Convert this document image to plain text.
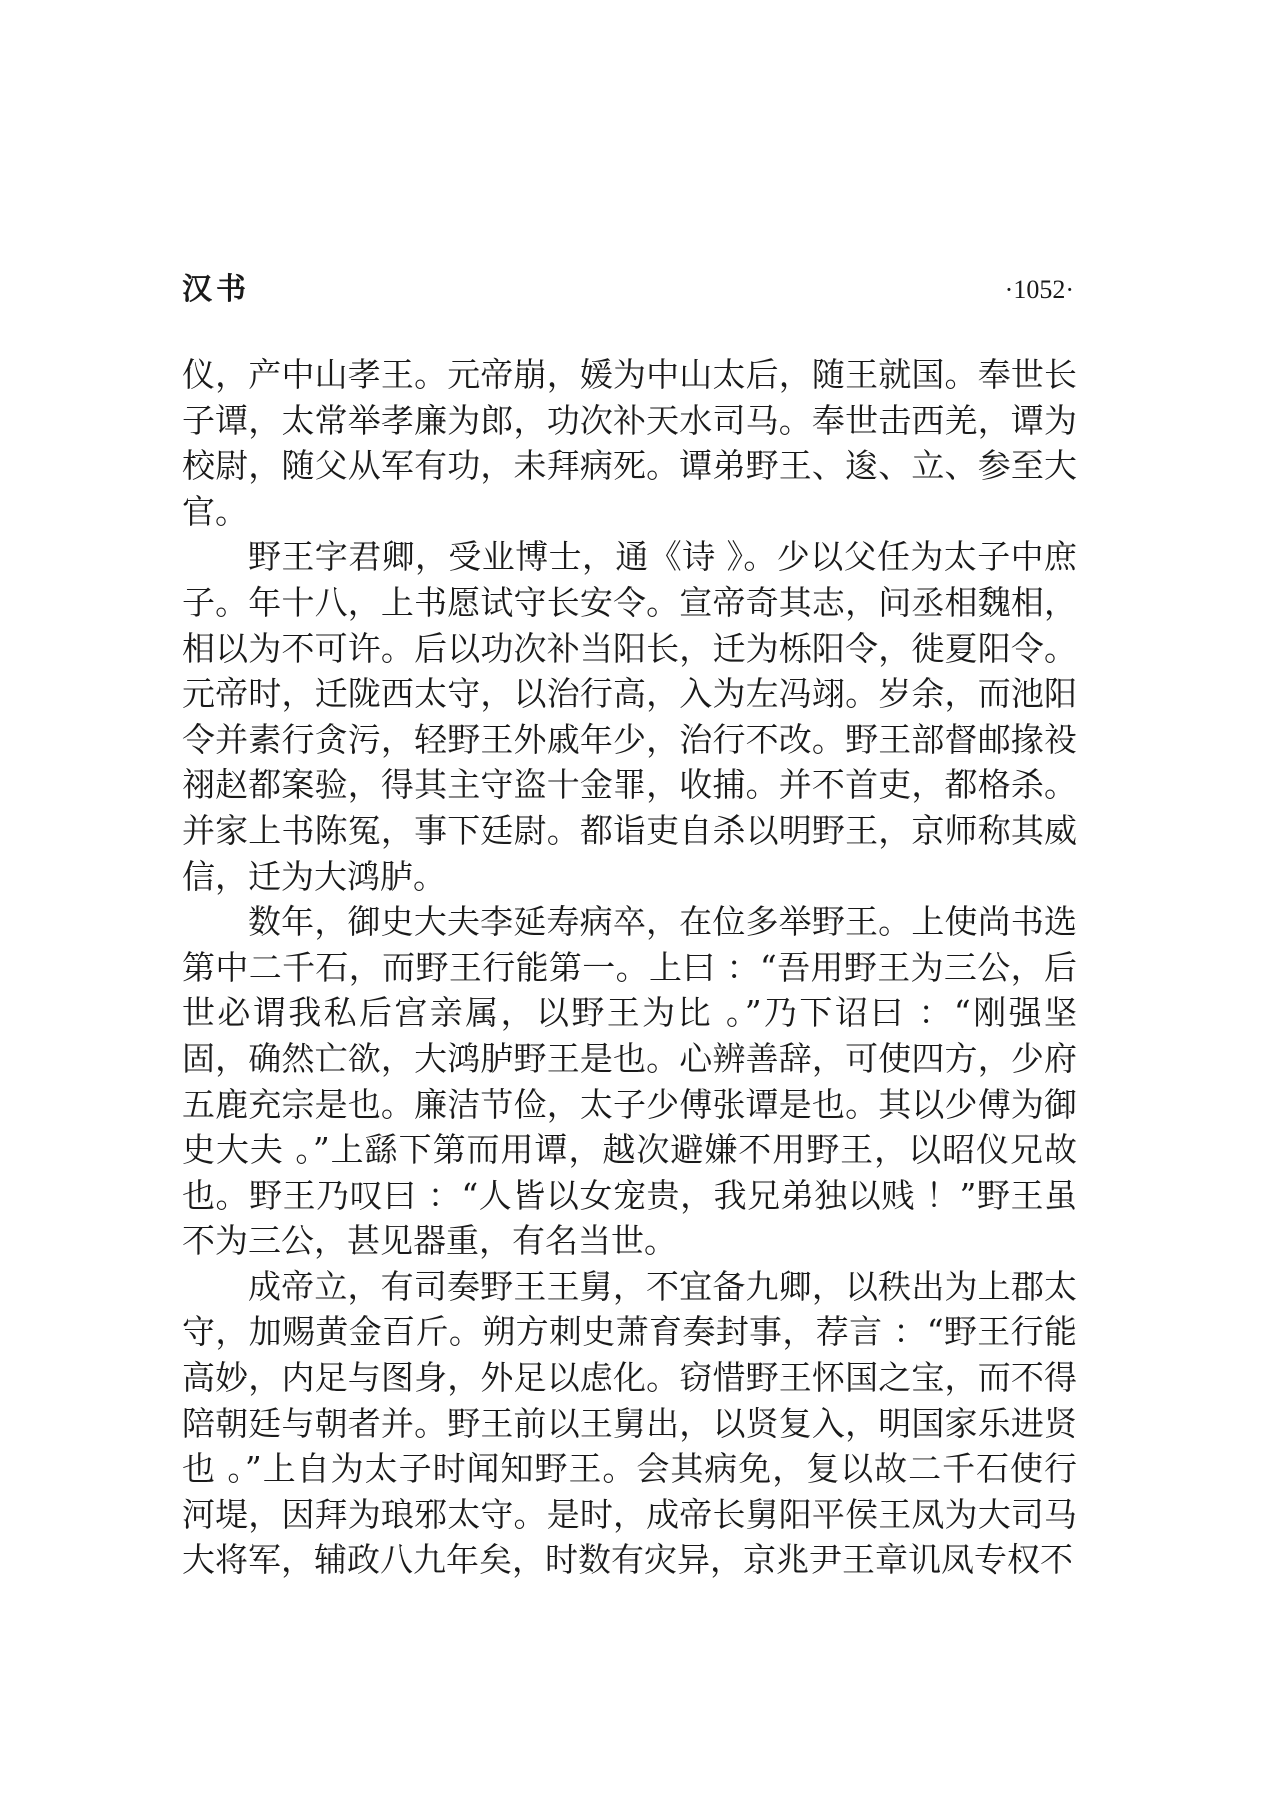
汉书	·1052·

仪，产中山孝王。元帝崩，媛为中山太后，随王就国。奉世长子谭，太常举孝廉为郎，功次补天水司马。奉世击西羌，谭为校尉，随父从军有功，未拜病死。谭弟野王、逡、立、参至大官。

野王字君卿，受业博士，通《诗 》。少以父任为太子中庶子。年十八，上书愿试守长安令。宣帝奇其志，问丞相魏相，相以为不可许。后以功次补当阳长，迁为栎阳令，徙夏阳令。元帝时，迁陇西太守，以治行高，入为左冯翊。岁余，而池阳令并素行贪污，轻野王外戚年少，治行不改。野王部督邮掾祋祤赵都案验，得其主守盗十金罪，收捕。并不首吏，都格杀。并家上书陈冤，事下廷尉。都诣吏自杀以明野王，京师称其威信，迁为大鸿胪。

数年，御史大夫李延寿病卒，在位多举野王。上使尚书选第中二千石，而野王行能第一。上曰 ：“吾用野王为三公，后世必谓我私后宫亲属，以野王为比 。”乃下诏曰 ：“刚强坚固，确然亡欲，大鸿胪野王是也。心辨善辞，可使四方，少府五鹿充宗是也。廉洁节俭，太子少傅张谭是也。其以少傅为御史大夫 。”上繇下第而用谭，越次避嫌不用野王，以昭仪兄故也。野王乃叹曰 ：“人皆以女宠贵，我兄弟独以贱 ！”野王虽不为三公，甚见器重，有名当世。

成帝立，有司奏野王王舅，不宜备九卿，以秩出为上郡太守，加赐黄金百斤。朔方刺史萧育奏封事，荐言 ：“野王行能高妙，内足与图身，外足以虑化。窃惜野王怀国之宝，而不得陪朝廷与朝者并。野王前以王舅出，以贤复入，明国家乐进贤也 。”上自为太子时闻知野王。会其病免，复以故二千石使行河堤，因拜为琅邪太守。是时，成帝长舅阳平侯王凤为大司马大将军，辅政八九年矣，时数有灾异，京兆尹王章讥凤专权不
